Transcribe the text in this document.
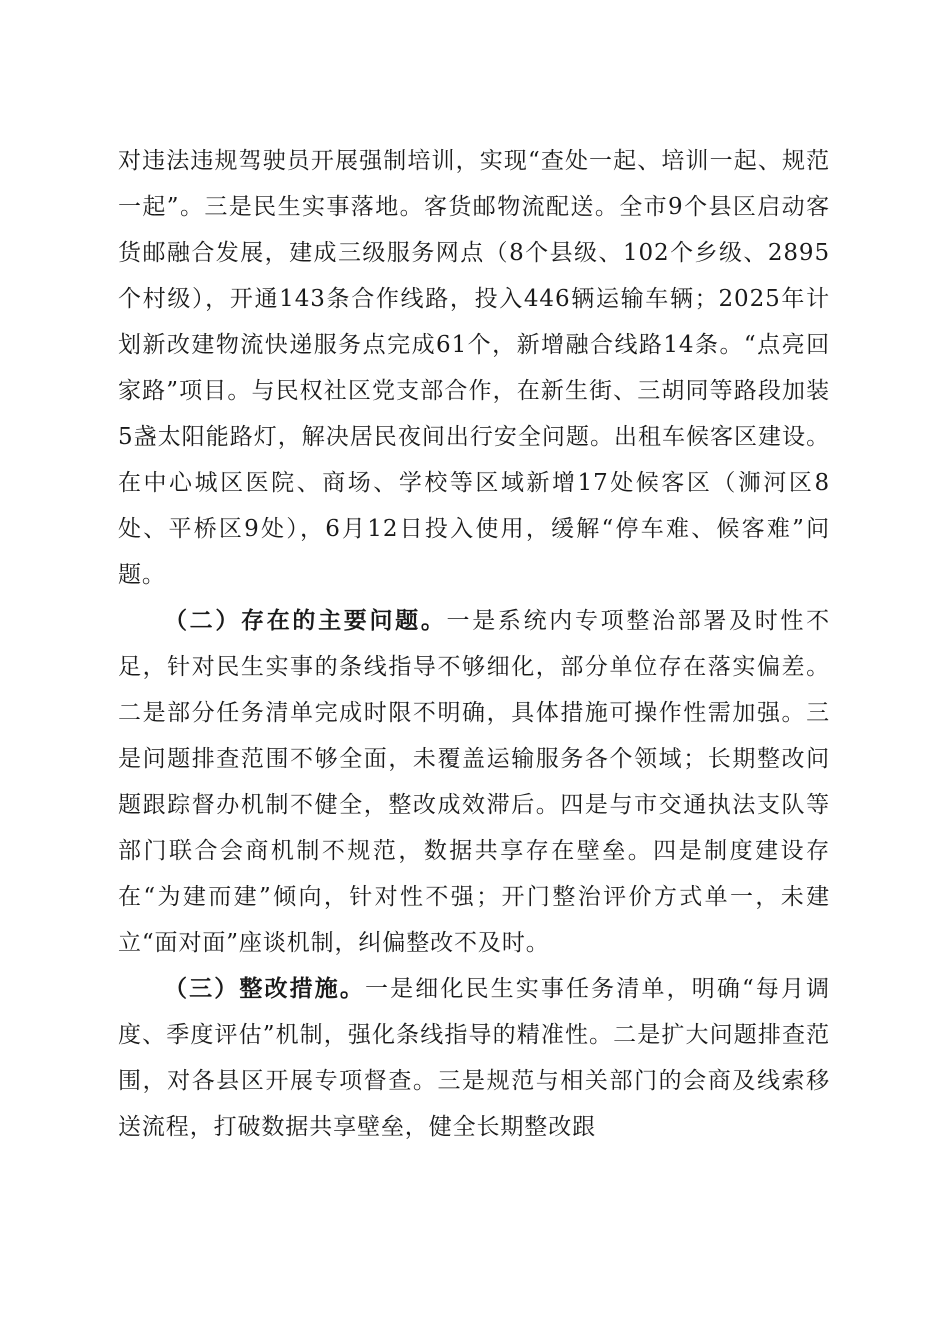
对违法违规驾驶员开展强制培训，实现“查处一起、培训一起、规范一起”。三是民生实事落地。客货邮物流配送。全市9个县区启动客货邮融合发展，建成三级服务网点（8个县级、102个乡级、2895个村级），开通143条合作线路，投入446辆运输车辆；2025年计划新改建物流快递服务点完成61个，新增融合线路14条。“点亮回家路”项目。与民权社区党支部合作，在新生街、三胡同等路段加装5盏太阳能路灯，解决居民夜间出行安全问题。出租车候客区建设。在中心城区医院、商场、学校等区域新增17处候客区（浉河区8处、平桥区9处），6月12日投入使用，缓解“停车难、候客难”问题。

（二）存在的主要问题。一是系统内专项整治部署及时性不足，针对民生实事的条线指导不够细化，部分单位存在落实偏差。二是部分任务清单完成时限不明确，具体措施可操作性需加强。三是问题排查范围不够全面，未覆盖运输服务各个领域；长期整改问题跟踪督办机制不健全，整改成效滞后。四是与市交通执法支队等部门联合会商机制不规范，数据共享存在壁垒。四是制度建设存在“为建而建”倾向，针对性不强；开门整治评价方式单一，未建立“面对面”座谈机制，纠偏整改不及时。

（三）整改措施。一是细化民生实事任务清单，明确“每月调度、季度评估”机制，强化条线指导的精准性。二是扩大问题排查范围，对各县区开展专项督查。三是规范与相关部门的会商及线索移送流程，打破数据共享壁垒，健全长期整改跟
